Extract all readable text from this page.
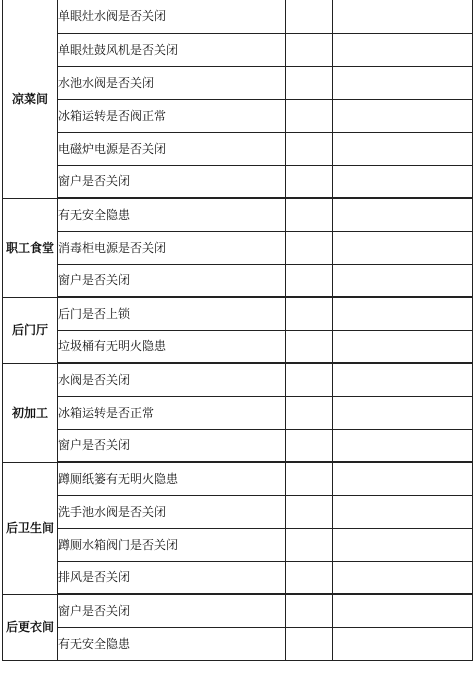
凉菜间	单眼灶水阀是否关闭		
	单眼灶鼓风机是否关闭		
	水池水阀是否关闭		
	冰箱运转是否阀正常		
	电磁炉电源是否关闭		
	窗户是否关闭		
职工食堂	有无安全隐患		
	消毒柜电源是否关闭		
	窗户是否关闭		
后门厅	后门是否上锁		
	垃圾桶有无明火隐患		
初加工	水阀是否关闭		
	冰箱运转是否正常		
	窗户是否关闭		
后卫生间	蹲厕纸篓有无明火隐患		
	洗手池水阀是否关闭		
	蹲厕水箱阀门是否关闭		
	排风是否关闭		
后更衣间	窗户是否关闭		
	有无安全隐患		
